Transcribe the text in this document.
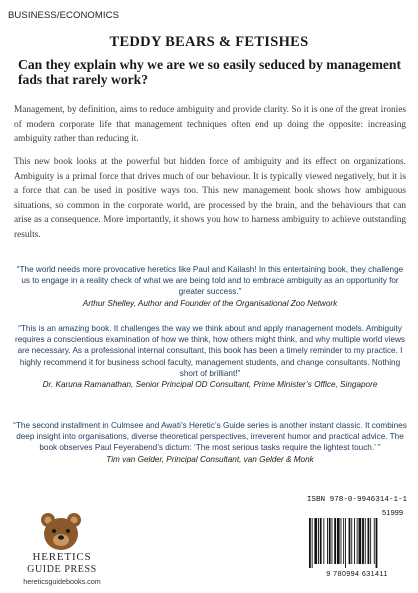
BUSINESS/ECONOMICS
TEDDY BEARS & FETISHES
Can they explain why we are we so easily seduced by management fads that rarely work?

Management, by definition, aims to reduce ambiguity and provide clarity. So it is one of the great ironies of modern corporate life that management techniques often end up doing the opposite: increasing ambiguity rather than reducing it.

This new book looks at the powerful but hidden force of ambiguity and its effect on organizations. Ambiguity is a primal force that drives much of our behaviour. It is typically viewed negatively, but it is a force that can be used in positive ways too. This new management book shows how ambiguous situations, so common in the corporate world, are processed by the brain, and the behaviours that can arise as a consequence. More importantly, it shows you how to harness ambiguity to achieve outstanding results.

“The world needs more provocative heretics like Paul and Kailash! In this entertaining book, they challenge us to engage in a reality check of what we are being told and to embrace ambiguity as an opportunity for greater success.”
Arthur Shelley, Author and Founder of the Organisational Zoo Network
“This is an amazing book. It challenges the way we think about and apply management models. Ambiguity requires a conscientious examination of how we think, how others might think, and why multiple world views are necessary. As a professional internal consultant, this book has been a timely reminder to my practice. I highly recommend it for business school faculty, management students, and change consultants. Nothing short of brilliant!”
Dr. Karuna Ramanathan, Senior Principal OD Consultant, Prime Minister’s Office, Singapore
“The second installment in Culmsee and Awati’s Heretic’s Guide series is another instant classic. It combines deep insight into organisations, diverse theoretical perspectives, irreverent humor and practical advice. The book observes Paul Feyerabend’s dictum: ‘The most serious tasks require the lightest touch.’ ”
Tim van Gelder, Principal Consultant, van Gelder & Monk
HERETICS
GUIDE PRESS
hereticsguidebooks.com
ISBN 978-0-9946314-1-1
51999
9 780994 631411
